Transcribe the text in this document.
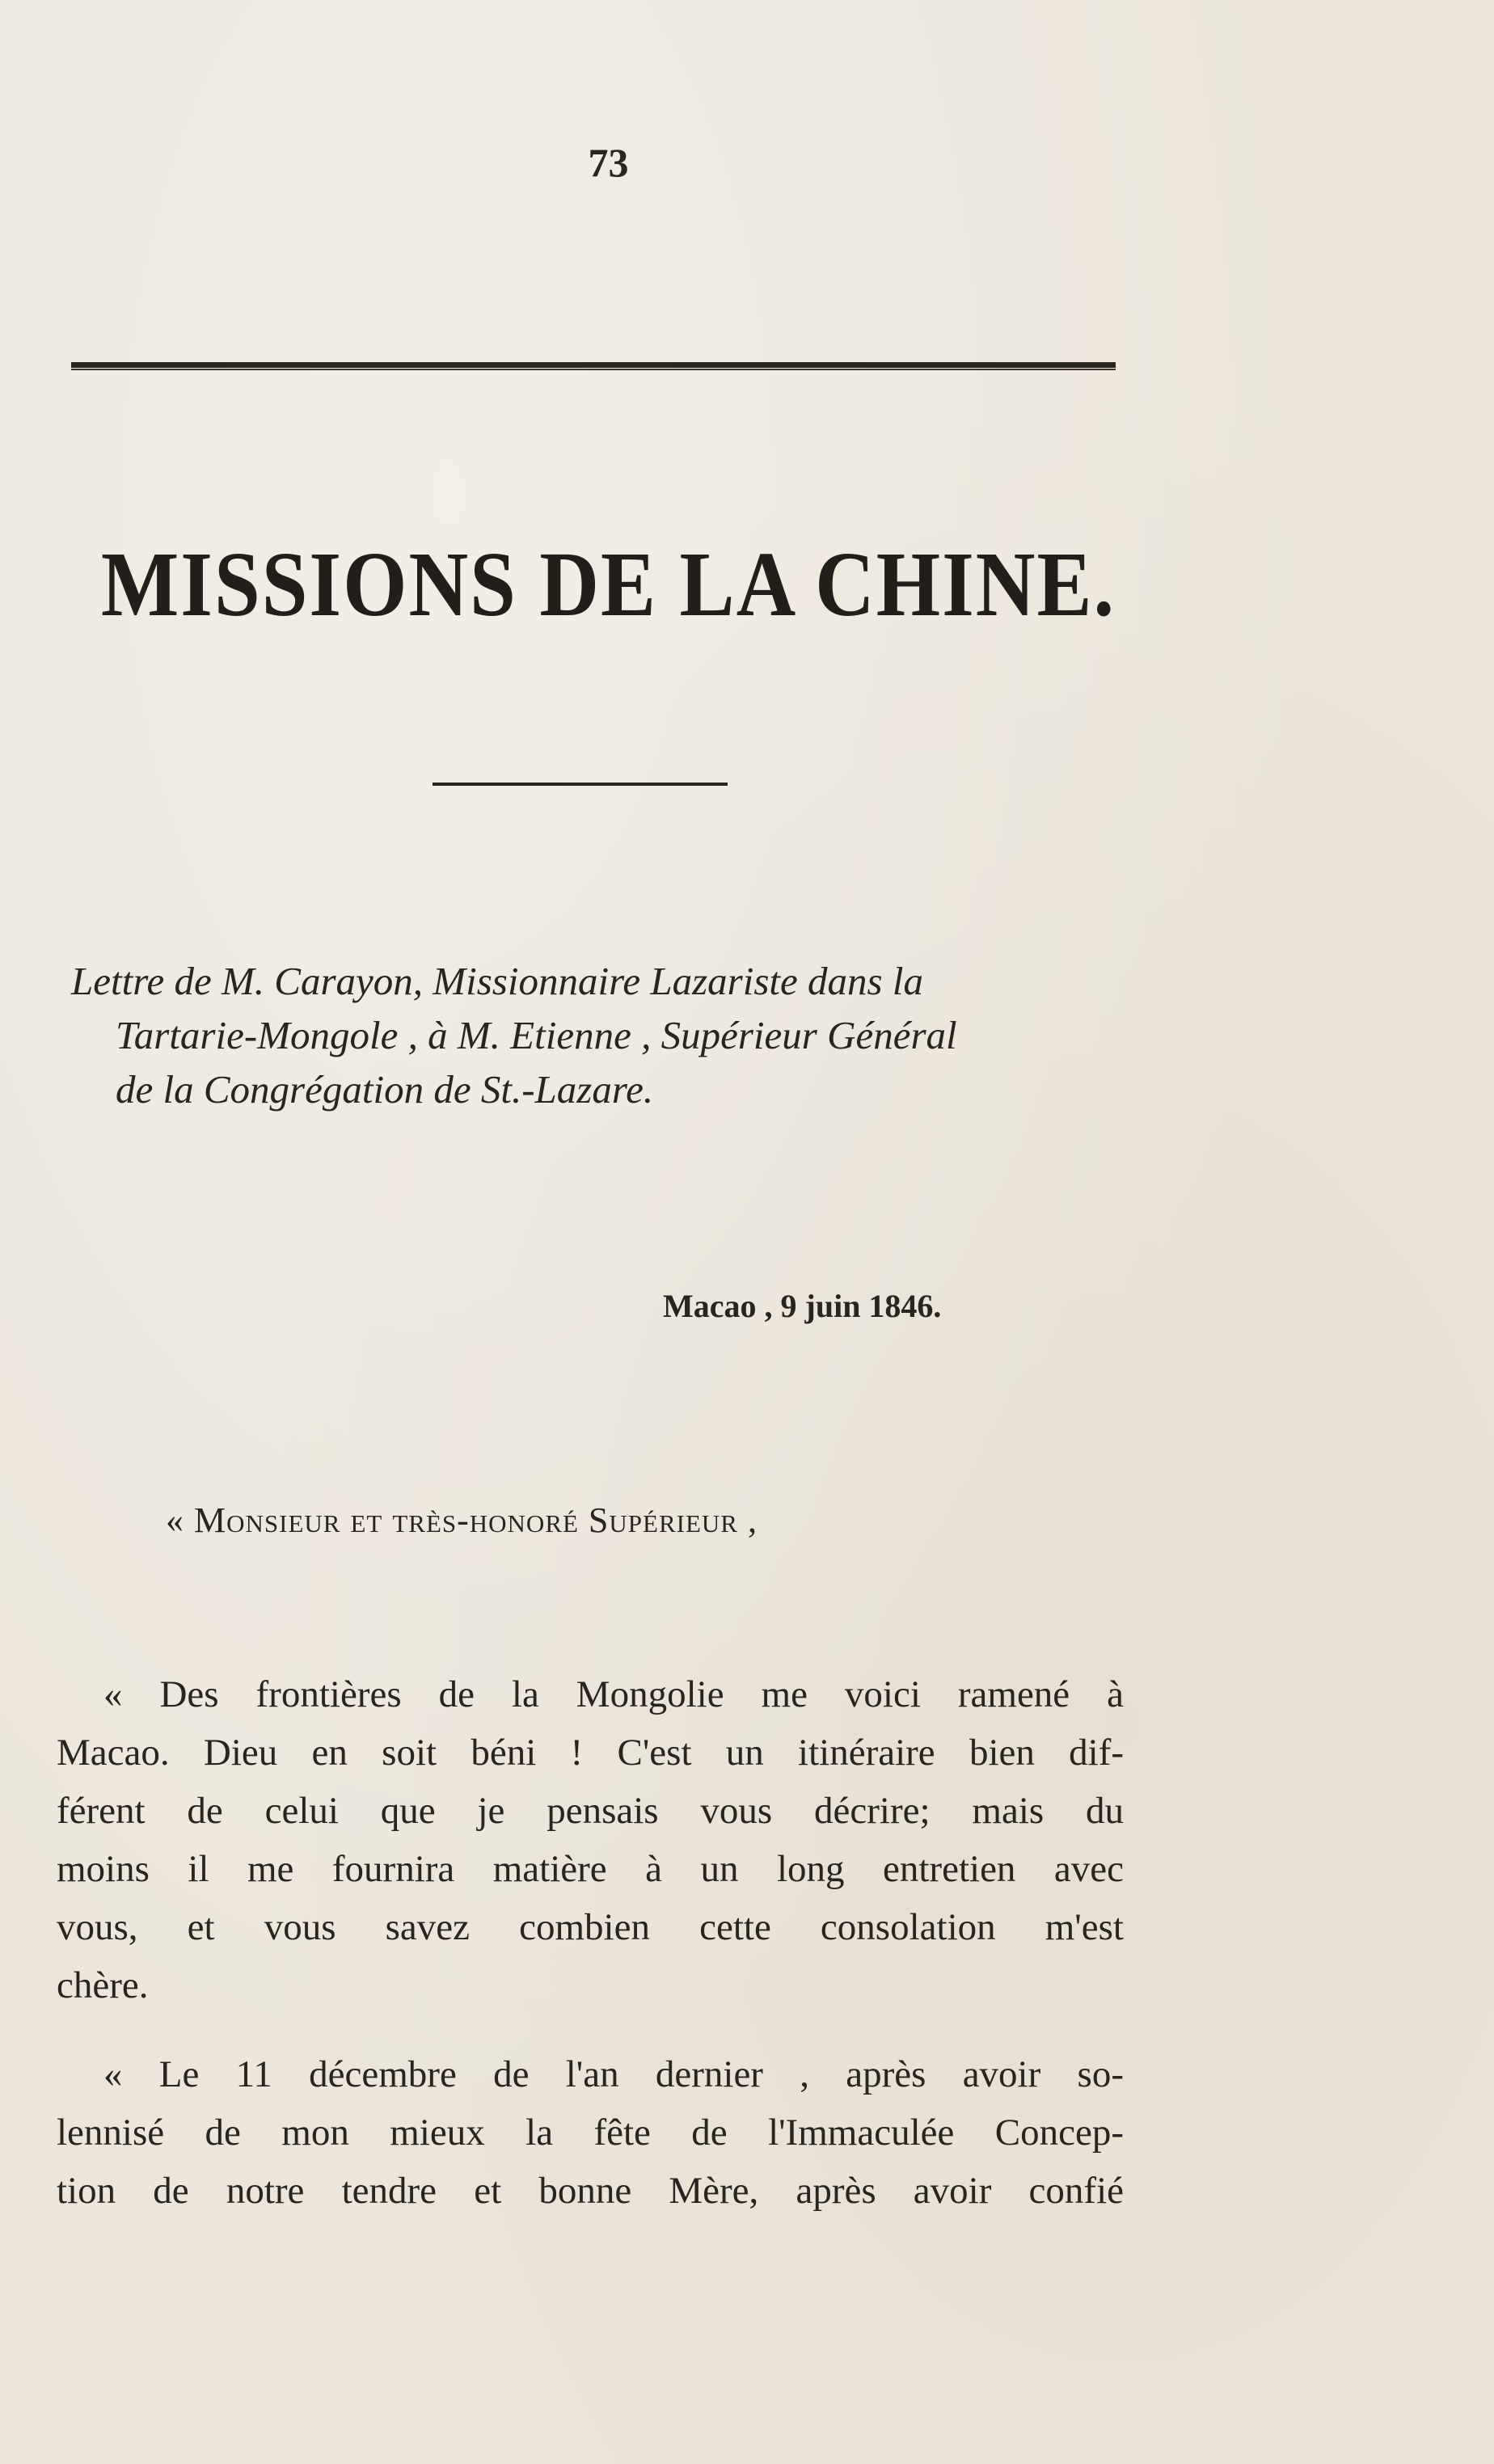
73
MISSIONS DE LA CHINE.
Lettre de M. Carayon, Missionnaire Lazariste dans la
Tartarie-Mongole , à M. Etienne , Supérieur Général
de la Congrégation de St.-Lazare.
Macao , 9 juin 1846.
« Monsieur et très-honoré Supérieur ,
« Des frontières de la Mongolie me voici ramené à
Macao. Dieu en soit béni ! C'est un itinéraire bien dif-
férent de celui que je pensais vous décrire; mais du
moins il me fournira matière à un long entretien avec
vous, et vous savez combien cette consolation m'est
chère.
« Le 11 décembre de l'an dernier , après avoir so-
lennisé de mon mieux la fête de l'Immaculée Concep-
tion de notre tendre et bonne Mère, après avoir confié
